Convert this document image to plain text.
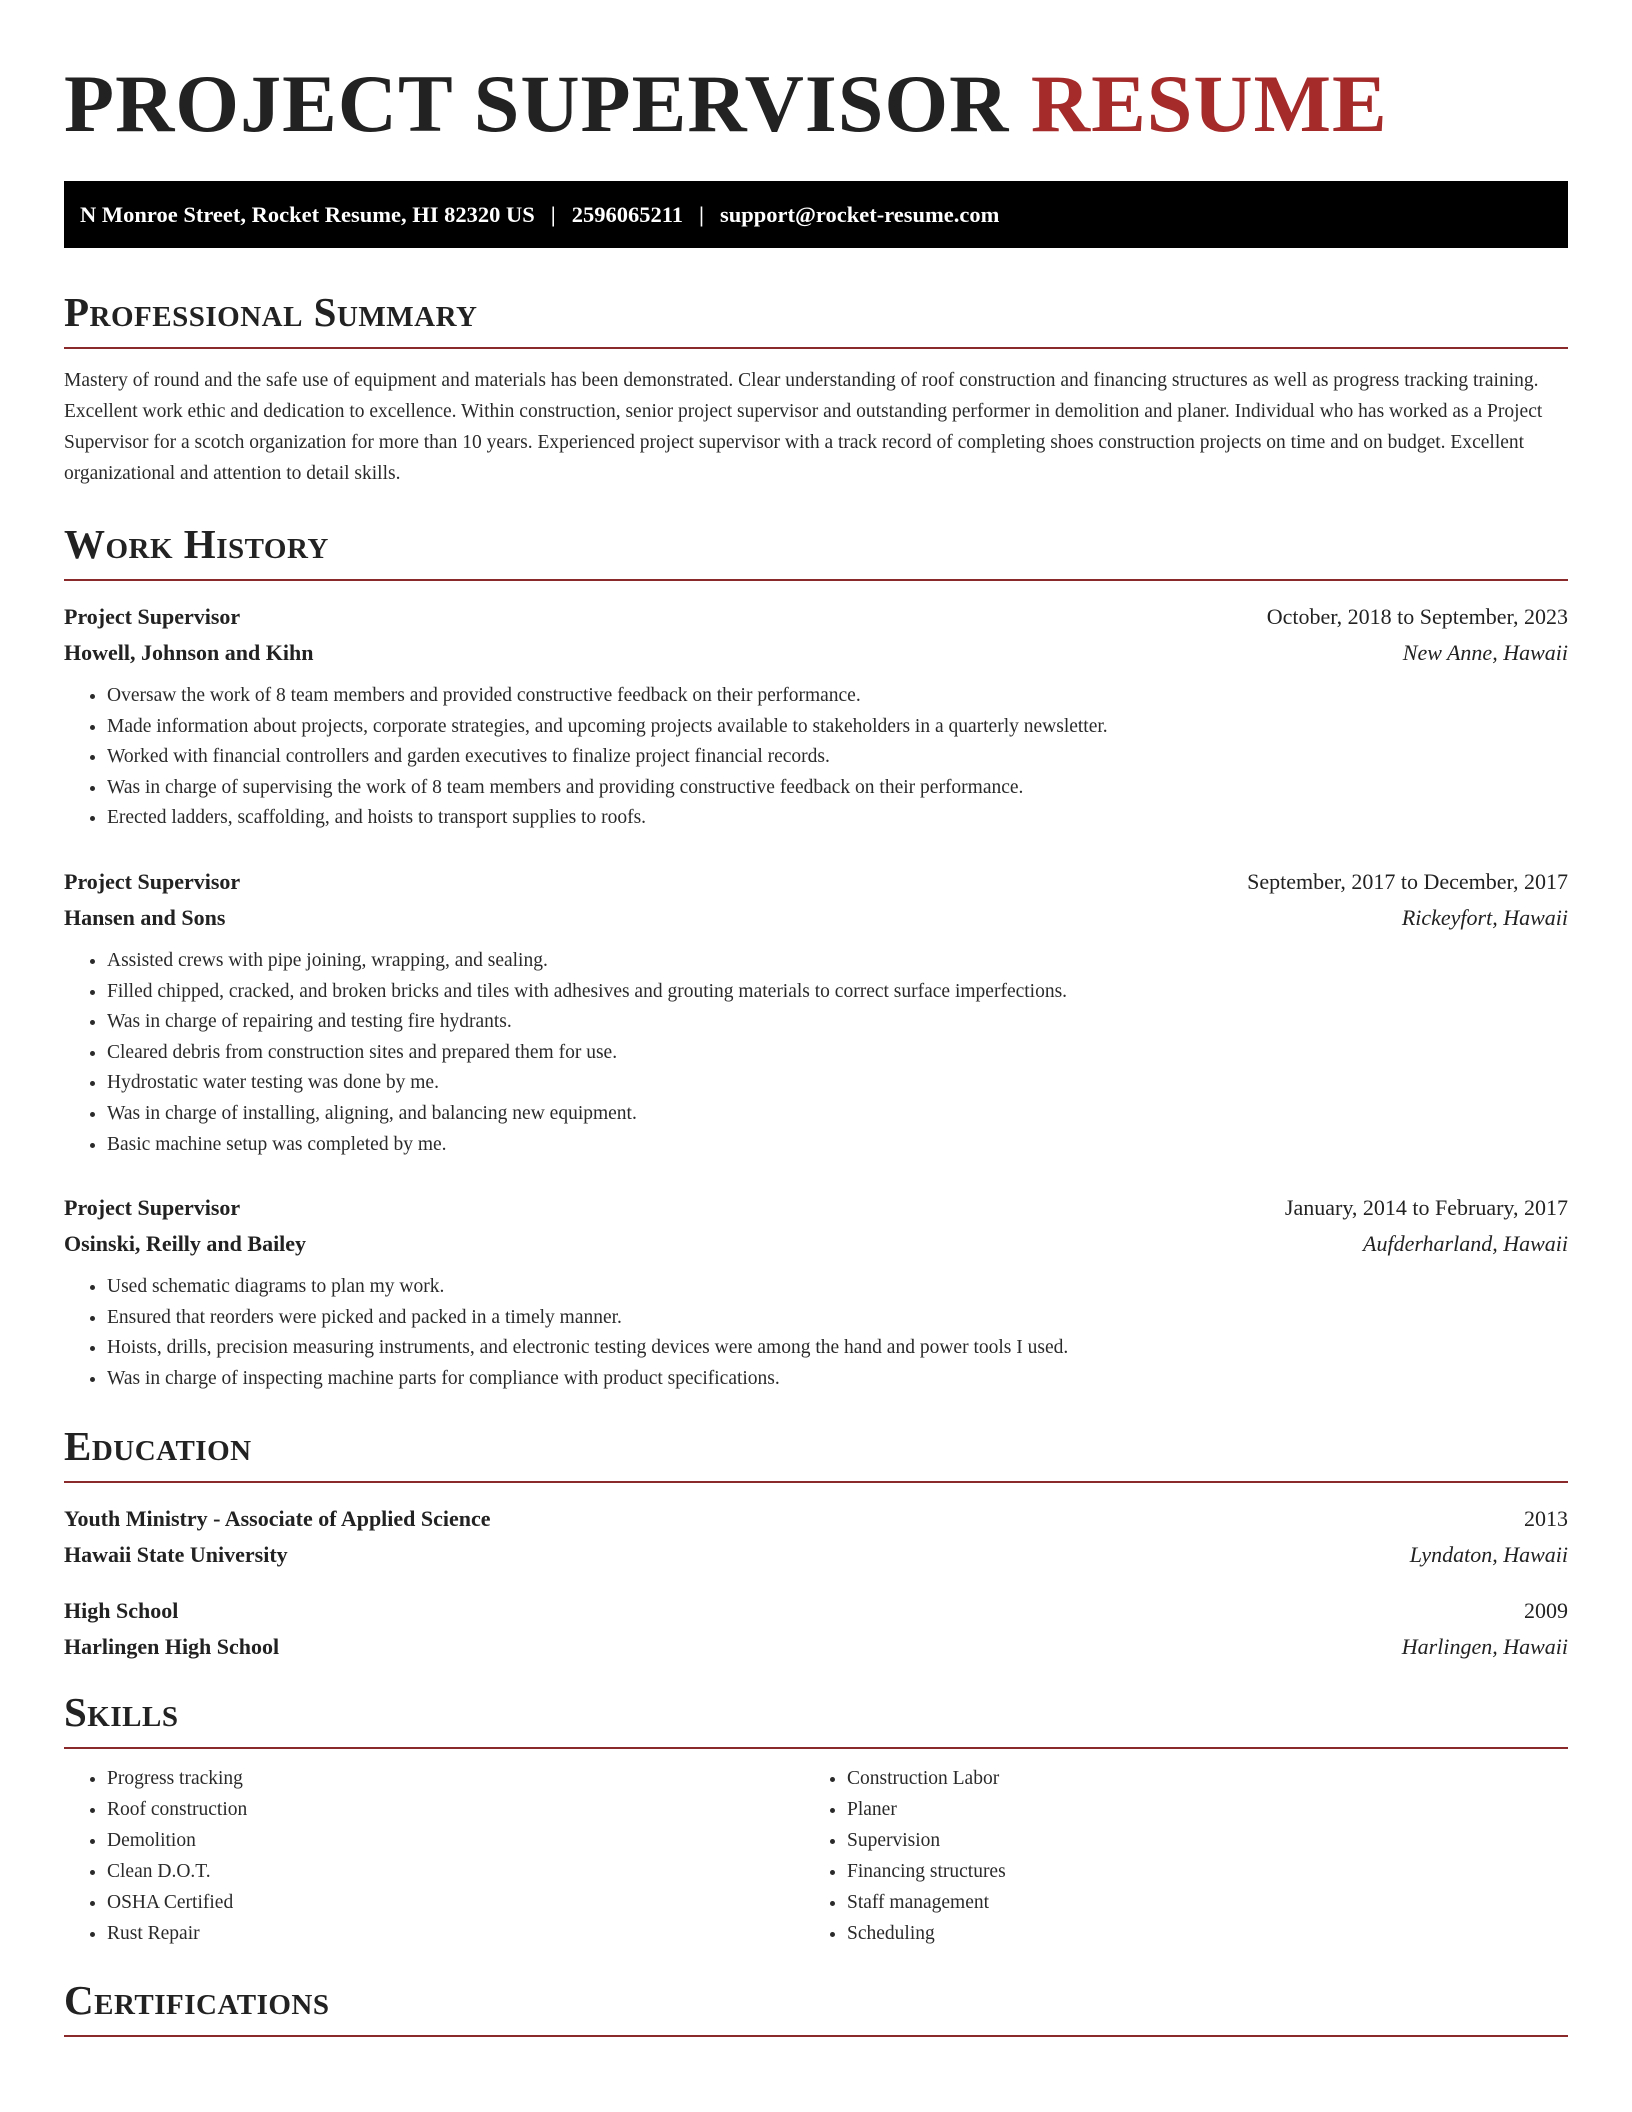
PROJECT SUPERVISOR RESUME
N Monroe Street, Rocket Resume, HI 82320 US | 2596065211 | support@rocket-resume.com
Professional Summary

Mastery of round and the safe use of equipment and materials has been demonstrated. Clear understanding of roof construction and financing structures as well as progress tracking training. Excellent work ethic and dedication to excellence. Within construction, senior project supervisor and outstanding performer in demolition and planer. Individual who has worked as a Project Supervisor for a scotch organization for more than 10 years. Experienced project supervisor with a track record of completing shoes construction projects on time and on budget. Excellent organizational and attention to detail skills.

Work History
Project Supervisor	October, 2018 to September, 2023
Howell, Johnson and Kihn	New Anne, Hawaii
• Oversaw the work of 8 team members and provided constructive feedback on their performance.
• Made information about projects, corporate strategies, and upcoming projects available to stakeholders in a quarterly newsletter.
• Worked with financial controllers and garden executives to finalize project financial records.
• Was in charge of supervising the work of 8 team members and providing constructive feedback on their performance.
• Erected ladders, scaffolding, and hoists to transport supplies to roofs.
Project Supervisor	September, 2017 to December, 2017
Hansen and Sons	Rickeyfort, Hawaii
• Assisted crews with pipe joining, wrapping, and sealing.
• Filled chipped, cracked, and broken bricks and tiles with adhesives and grouting materials to correct surface imperfections.
• Was in charge of repairing and testing fire hydrants.
• Cleared debris from construction sites and prepared them for use.
• Hydrostatic water testing was done by me.
• Was in charge of installing, aligning, and balancing new equipment.
• Basic machine setup was completed by me.
Project Supervisor	January, 2014 to February, 2017
Osinski, Reilly and Bailey	Aufderharland, Hawaii
• Used schematic diagrams to plan my work.
• Ensured that reorders were picked and packed in a timely manner.
• Hoists, drills, precision measuring instruments, and electronic testing devices were among the hand and power tools I used.
• Was in charge of inspecting machine parts for compliance with product specifications.
Education
Youth Ministry - Associate of Applied Science	2013
Hawaii State University	Lyndaton, Hawaii
High School	2009
Harlingen High School	Harlingen, Hawaii
Skills
• Progress tracking
• Roof construction
• Demolition
• Clean D.O.T.
• OSHA Certified
• Rust Repair
• Construction Labor
• Planer
• Supervision
• Financing structures
• Staff management
• Scheduling
Certifications
